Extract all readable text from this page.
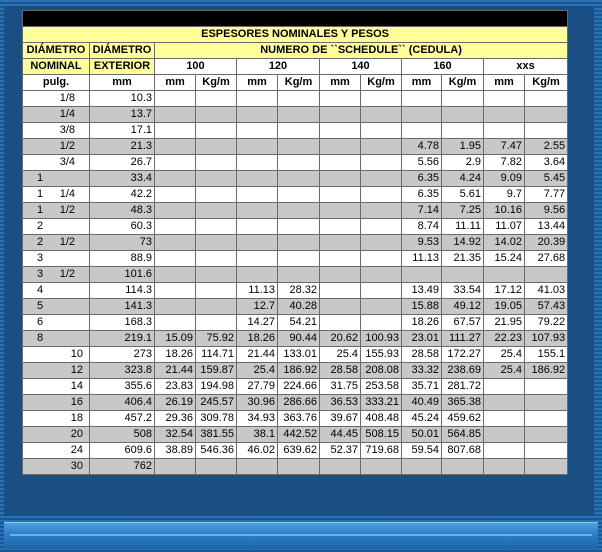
DIMENSIONES Y PESOS TEÓRICOS - TUBOS ASTM A-53 (mas comunes)											
ESPESORES NOMINALES Y PESOS											
DIÁMETRO	DIÁMETRO	NUMERO DE ``SCHEDULE`` (CEDULA)									
NOMINAL	EXTERIOR	100		120		140		160		xxs	
pulg.	mm	mm	Kg/m	mm	Kg/m	mm	Kg/m	mm	Kg/m	mm	Kg/m
1/8	10.3										
1/4	13.7										
3/8	17.1										
1/2	21.3							4.78	1.95	7.47	2.55
3/4	26.7							5.56	2.9	7.82	3.64
1	33.4							6.35	4.24	9.09	5.45
1 1/4	42.2							6.35	5.61	9.7	7.77
1 1/2	48.3							7.14	7.25	10.16	9.56
2	60.3							8.74	11.11	11.07	13.44
2 1/2	73							9.53	14.92	14.02	20.39
3	88.9							11.13	21.35	15.24	27.68
3 1/2	101.6										
4	114.3			11.13	28.32			13.49	33.54	17.12	41.03
5	141.3			12.7	40.28			15.88	49.12	19.05	57.43
6	168.3			14.27	54.21			18.26	67.57	21.95	79.22
8	219.1	15.09	75.92	18.26	90.44	20.62	100.93	23.01	111.27	22.23	107.93
10	273	18.26	114.71	21.44	133.01	25.4	155.93	28.58	172.27	25.4	155.1
12	323.8	21.44	159.87	25.4	186.92	28.58	208.08	33.32	238.69	25.4	186.92
14	355.6	23.83	194.98	27.79	224.66	31.75	253.58	35.71	281.72		
16	406.4	26.19	245.57	30.96	286.66	36.53	333.21	40.49	365.38		
18	457.2	29.36	309.78	34.93	363.76	39.67	408.48	45.24	459.62		
20	508	32.54	381.55	38.1	442.52	44.45	508.15	50.01	564.85		
24	609.6	38.89	546.36	46.02	639.62	52.37	719.68	59.54	807.68		
30	762										
